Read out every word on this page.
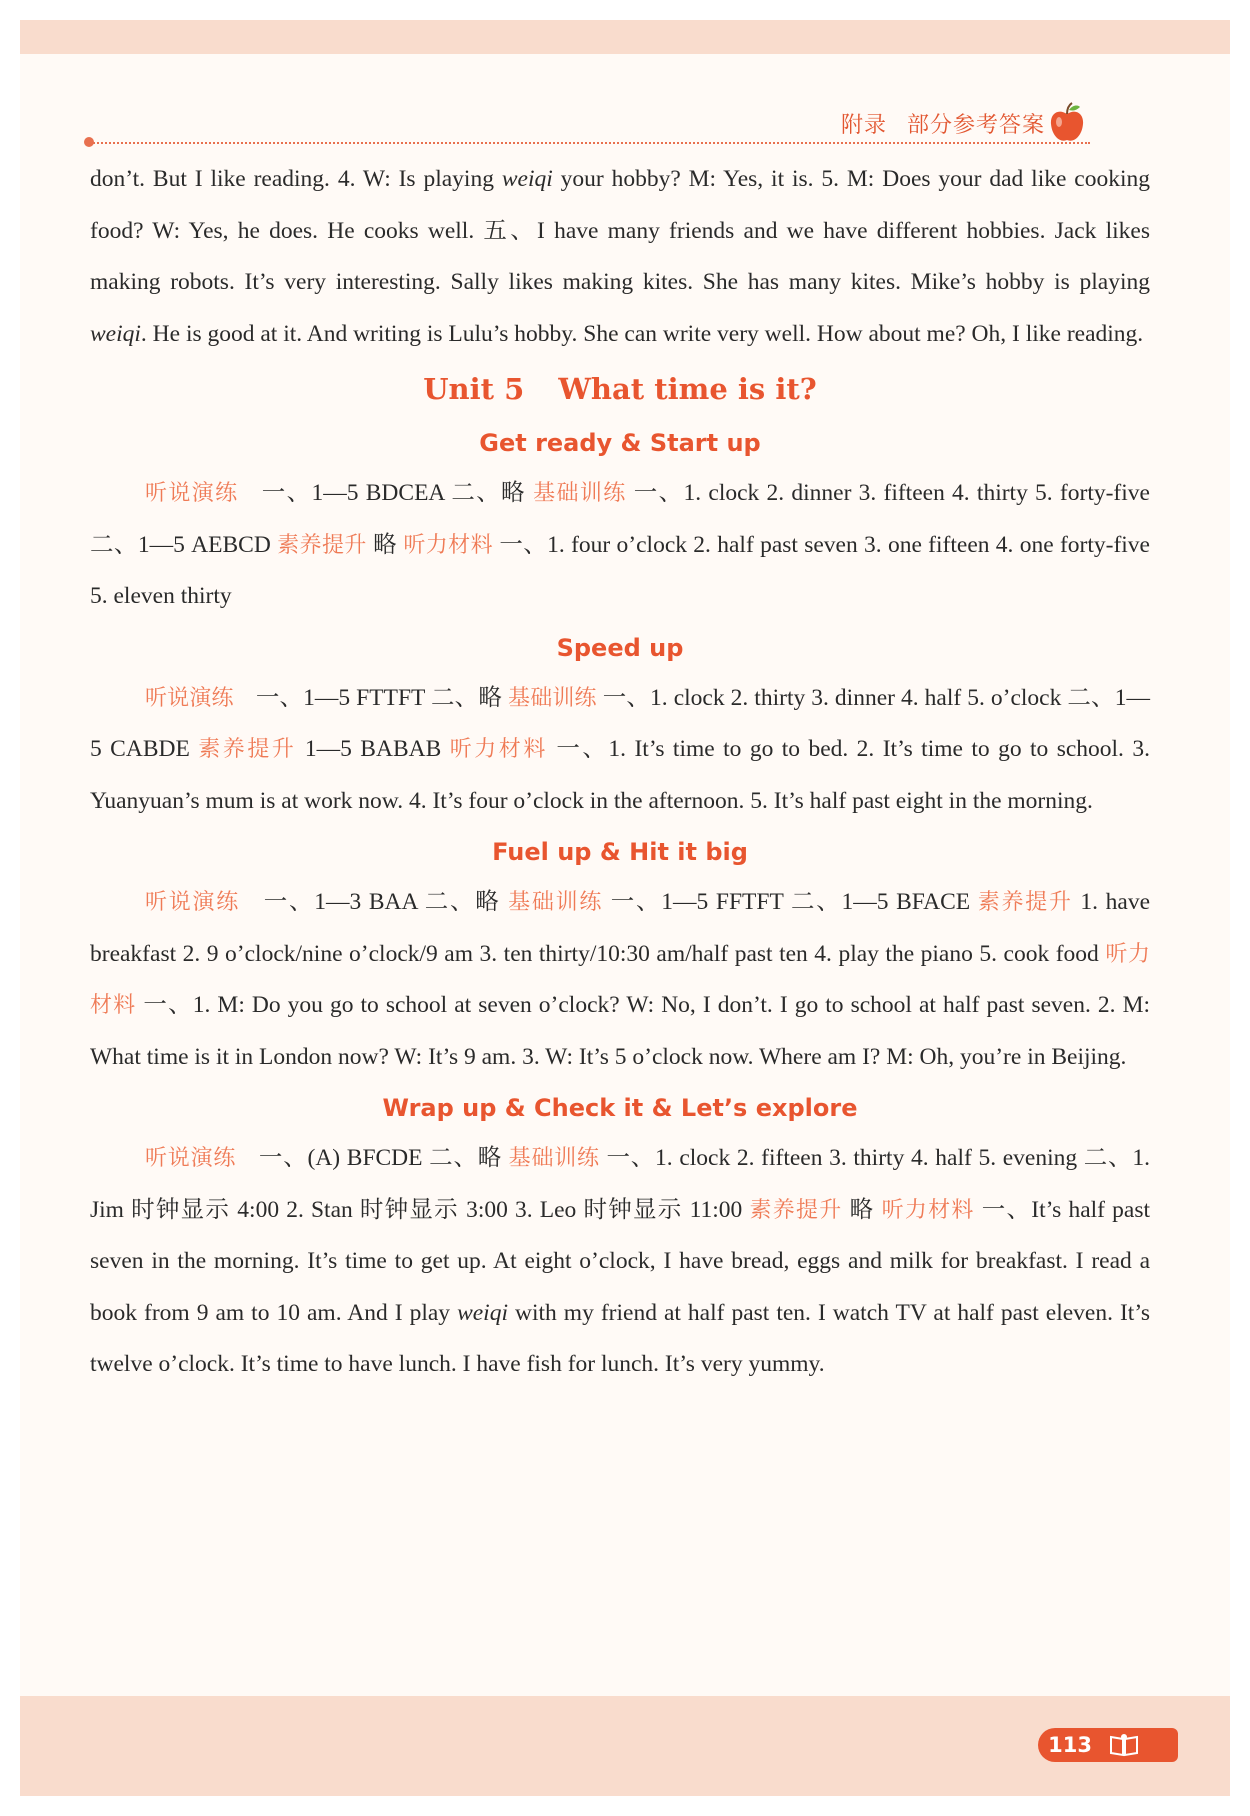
附录 部分参考答案

don’t. But I like reading. 4. W: Is playing weiqi your hobby? M: Yes, it is. 5. M: Does your dad like cooking food? W: Yes, he does. He cooks well. 五、I have many friends and we have different hobbies. Jack likes making robots. It’s very interesting. Sally likes making kites. She has many kites. Mike’s hobby is playing weiqi. He is good at it. And writing is Lulu’s hobby. She can write very well. How about me? Oh, I like reading.

Unit 5 What time is it?
Get ready & Start up

听说演练 一、1—5 BDCEA 二、略 基础训练 一、1. clock 2. dinner 3. fifteen 4. thirty 5. forty-five 二、1—5 AEBCD 素养提升 略 听力材料 一、1. four o’clock 2. half past seven 3. one fifteen 4. one forty-five 5. eleven thirty

Speed up

听说演练 一、1—5 FTTFT 二、略 基础训练 一、1. clock 2. thirty 3. dinner 4. half 5. o’clock 二、1—5 CABDE 素养提升 1—5 BABAB 听力材料 一、1. It’s time to go to bed. 2. It’s time to go to school. 3. Yuanyuan’s mum is at work now. 4. It’s four o’clock in the afternoon. 5. It’s half past eight in the morning.

Fuel up & Hit it big

听说演练 一、1—3 BAA 二、略 基础训练 一、1—5 FFTFT 二、1—5 BFACE 素养提升 1. have breakfast 2. 9 o’clock/nine o’clock/9 am 3. ten thirty/10:30 am/half past ten 4. play the piano 5. cook food 听力材料 一、1. M: Do you go to school at seven o’clock? W: No, I don’t. I go to school at half past seven. 2. M: What time is it in London now? W: It’s 9 am. 3. W: It’s 5 o’clock now. Where am I? M: Oh, you’re in Beijing.

Wrap up & Check it & Let’s explore

听说演练 一、(A) BFCDE 二、略 基础训练 一、1. clock 2. fifteen 3. thirty 4. half 5. evening 二、1. Jim 时钟显示 4:00 2. Stan 时钟显示 3:00 3. Leo 时钟显示 11:00 素养提升 略 听力材料 一、It’s half past seven in the morning. It’s time to get up. At eight o’clock, I have bread, eggs and milk for breakfast. I read a book from 9 am to 10 am. And I play weiqi with my friend at half past ten. I watch TV at half past eleven. It’s twelve o’clock. It’s time to have lunch. I have fish for lunch. It’s very yummy.

113
